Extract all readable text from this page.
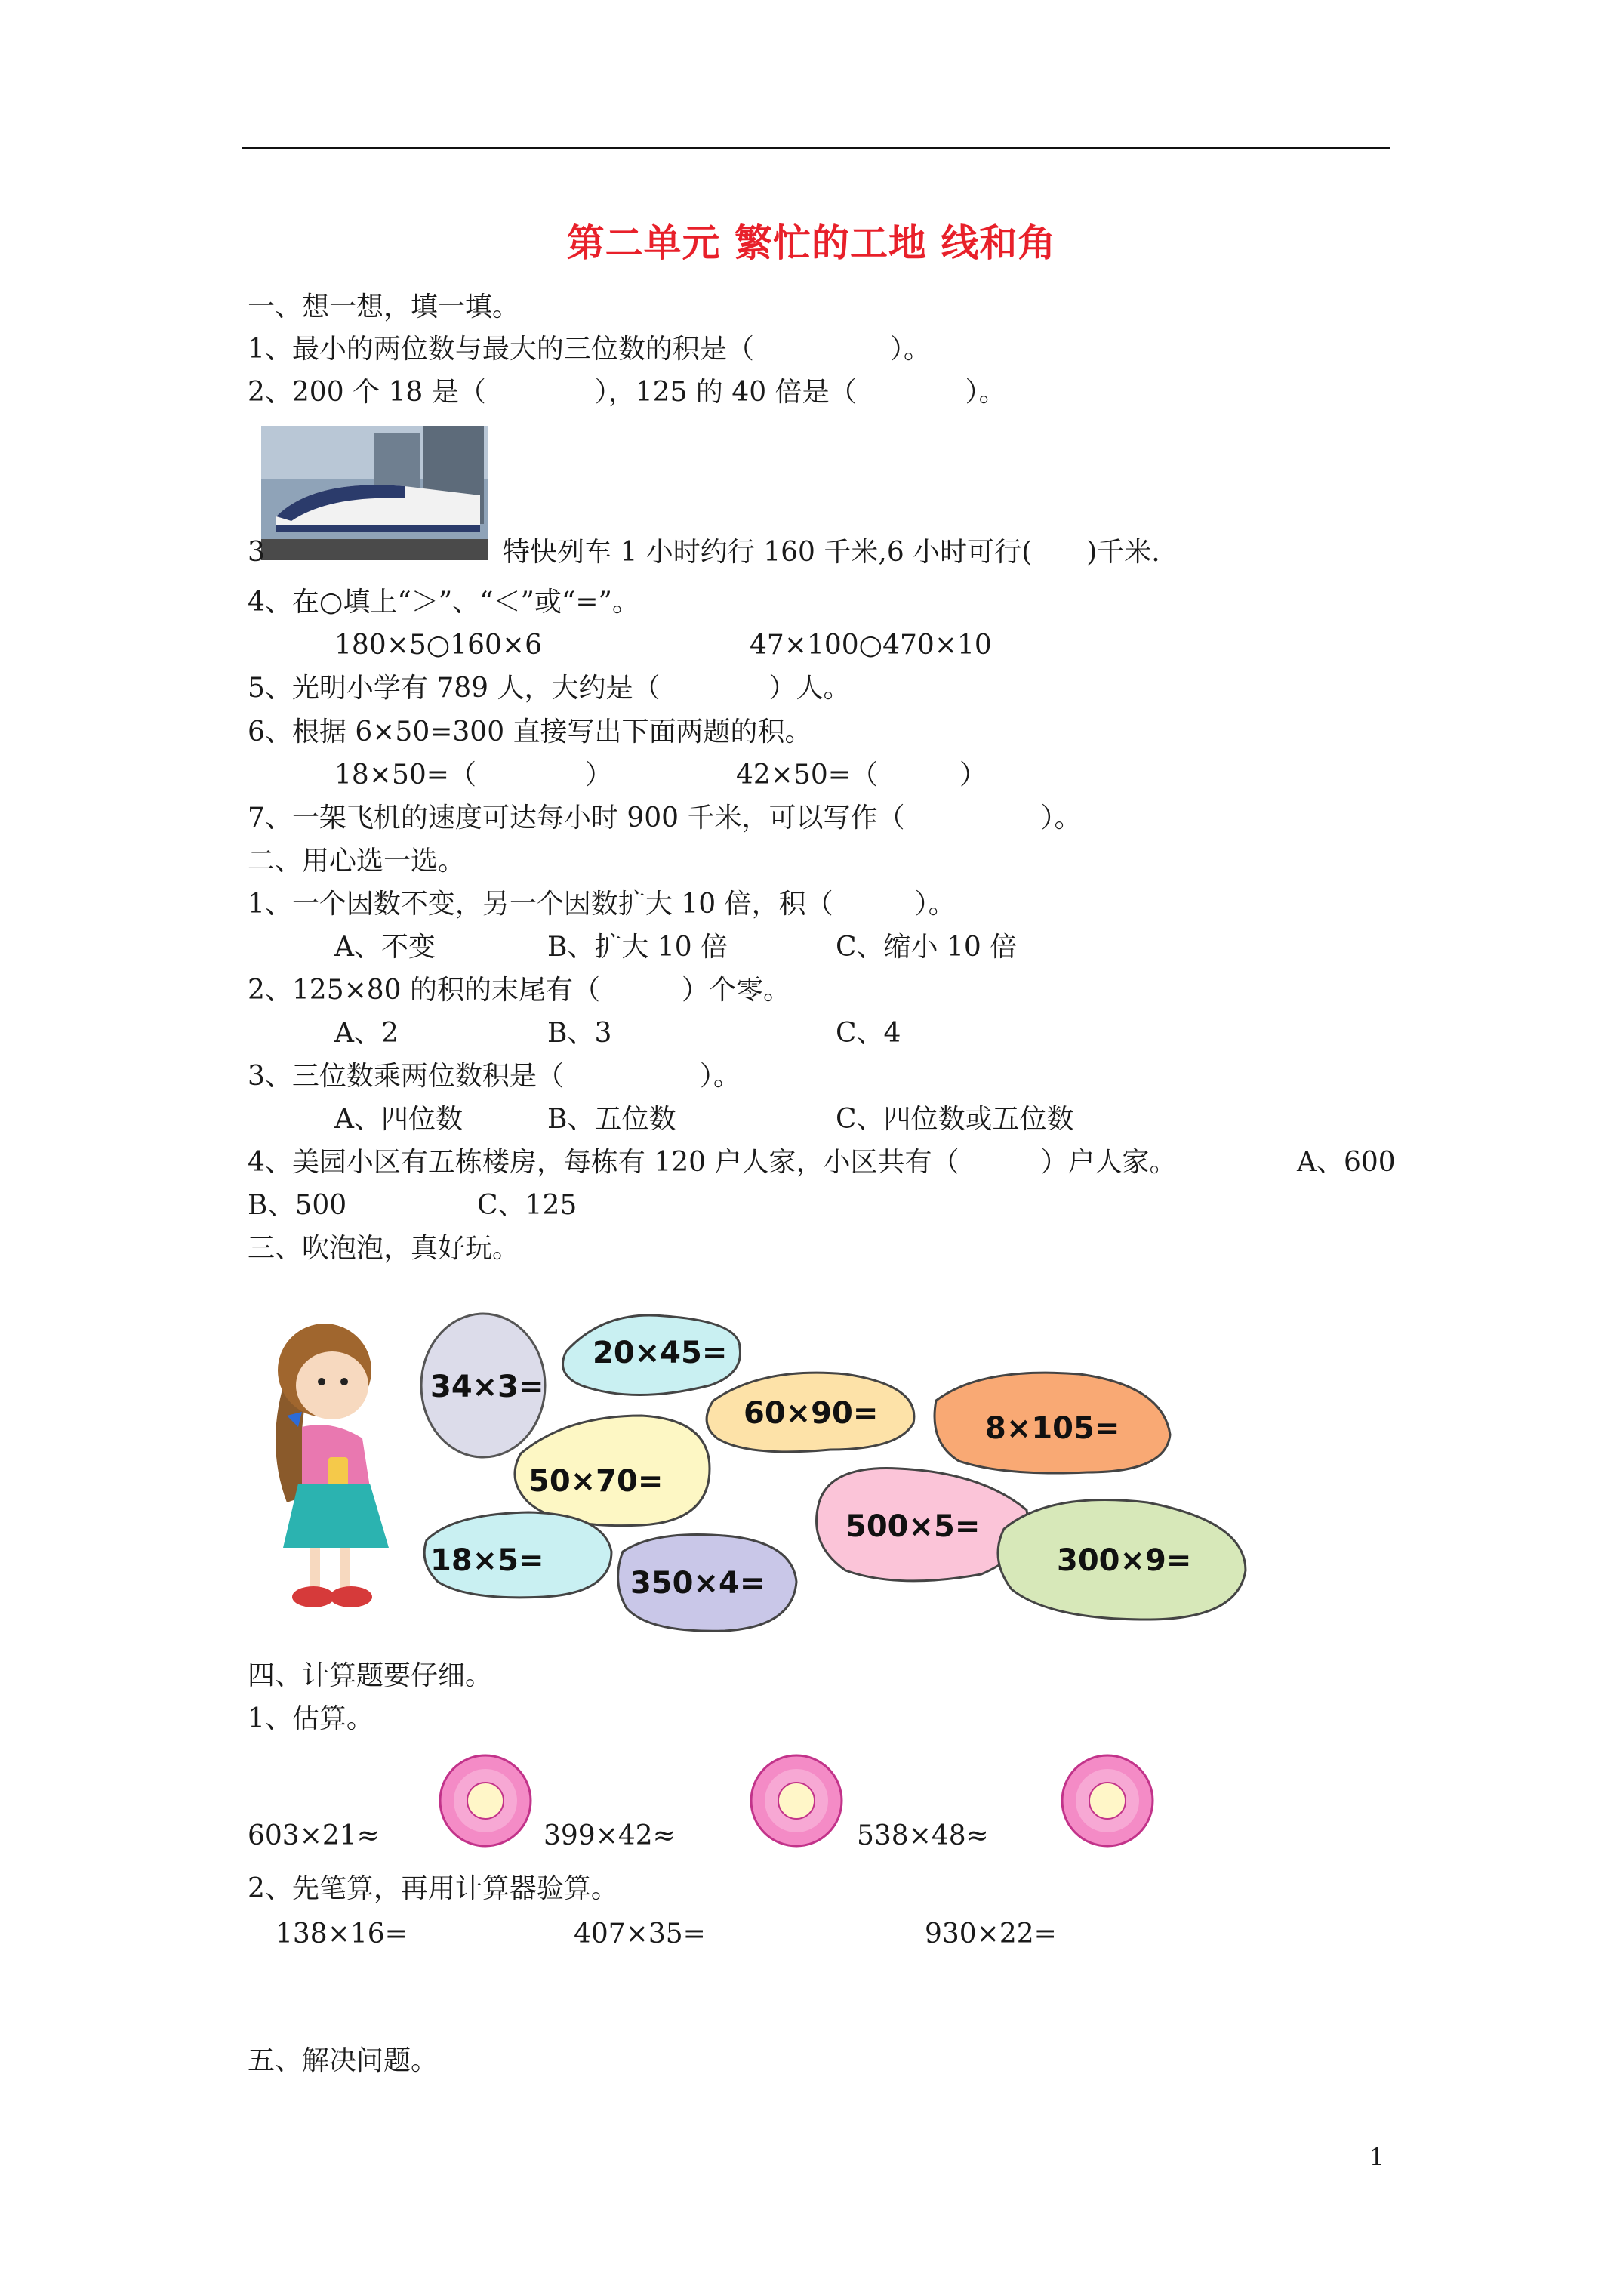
第二单元 繁忙的工地 线和角
一、想一想，填一填。
1、最小的两位数与最大的三位数的积是（　　　　　）。
2、200 个 18 是（　　　　），125 的 40 倍是（　　　　）。
3	特快列车 1 小时约行 160 千米,6 小时可行(　　)千米.
4、在○填上“＞”、“＜”或“=”。
180×5○160×6	47×100○470×10
5、光明小学有 789 人，大约是（　　　　）人。
6、根据 6×50=300 直接写出下面两题的积。
18×50=（　　　　）	42×50=（　　　）
7、一架飞机的速度可达每小时 900 千米，可以写作（　　　　　）。
二、用心选一选。
1、一个因数不变，另一个因数扩大 10 倍，积（　　　）。
A、不变	B、扩大 10 倍	C、缩小 10 倍
2、125×80 的积的末尾有（　　　）个零。
A、2	B、3	C、4
3、三位数乘两位数积是（　　　　　）。
A、四位数	B、五位数	C、四位数或五位数
4、美园小区有五栋楼房，每栋有 120 户人家，小区共有（　　　）户人家。	A、600
B、500	C、125
三、吹泡泡，真好玩。
34×3=
20×45=
60×90=	8×105=
50×70=
500×5=
300×9=
18×5=
350×4=
四、计算题要仔细。
1、估算。
603×21≈	399×42≈	538×48≈
2、先笔算，再用计算器验算。
138×16=	407×35=	930×22=
五、解决问题。
1
